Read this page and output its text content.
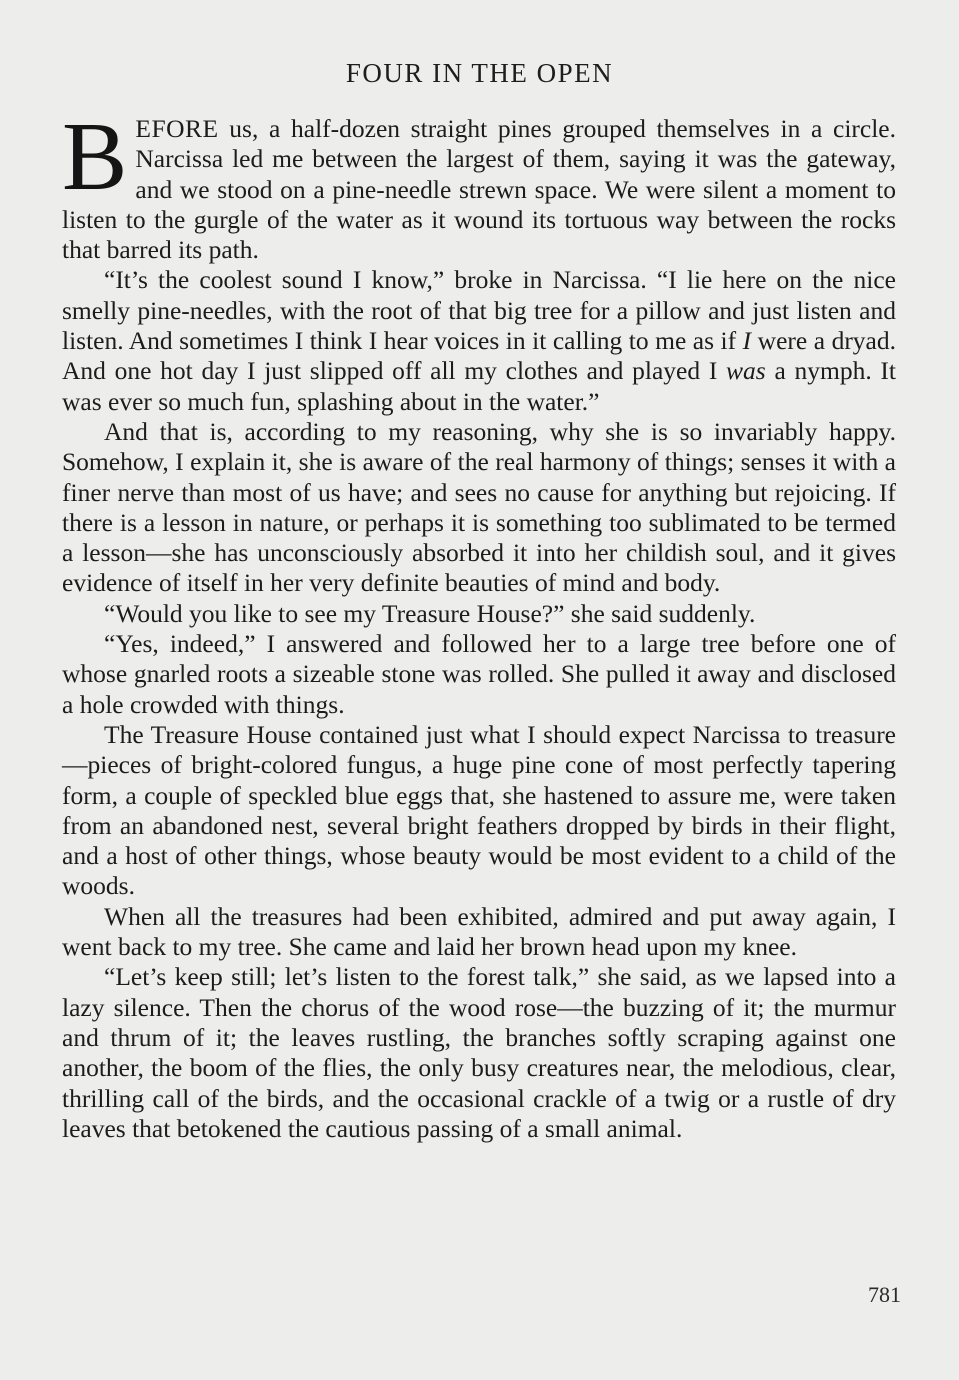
FOUR IN THE OPEN

BEFORE us, a half-dozen straight pines grouped themselves in a circle. Narcissa led me between the largest of them, saying it was the gateway, and we stood on a pine-needle strewn space. We were silent a moment to listen to the gurgle of the water as it wound its tortuous way between the rocks that barred its path.

“It’s the coolest sound I know,” broke in Narcissa. “I lie here on the nice smelly pine-needles, with the root of that big tree for a pillow and just listen and listen. And sometimes I think I hear voices in it calling to me as if I were a dryad. And one hot day I just slipped off all my clothes and played I was a nymph. It was ever so much fun, splashing about in the water.”

And that is, according to my reasoning, why she is so invariably happy. Somehow, I explain it, she is aware of the real harmony of things; senses it with a finer nerve than most of us have; and sees no cause for anything but rejoicing. If there is a lesson in nature, or perhaps it is something too sublimated to be termed a lesson—she has unconsciously absorbed it into her childish soul, and it gives evidence of itself in her very definite beauties of mind and body.

“Would you like to see my Treasure House?” she said suddenly.

“Yes, indeed,” I answered and followed her to a large tree before one of whose gnarled roots a sizeable stone was rolled. She pulled it away and disclosed a hole crowded with things.

The Treasure House contained just what I should expect Narcissa to treasure—pieces of bright-colored fungus, a huge pine cone of most perfectly tapering form, a couple of speckled blue eggs that, she hastened to assure me, were taken from an abandoned nest, several bright feathers dropped by birds in their flight, and a host of other things, whose beauty would be most evident to a child of the woods.

When all the treasures had been exhibited, admired and put away again, I went back to my tree. She came and laid her brown head upon my knee.

“Let’s keep still; let’s listen to the forest talk,” she said, as we lapsed into a lazy silence. Then the chorus of the wood rose—the buzzing of it; the murmur and thrum of it; the leaves rustling, the branches softly scraping against one another, the boom of the flies, the only busy creatures near, the melodious, clear, thrilling call of the birds, and the occasional crackle of a twig or a rustle of dry leaves that betokened the cautious passing of a small animal.

781
